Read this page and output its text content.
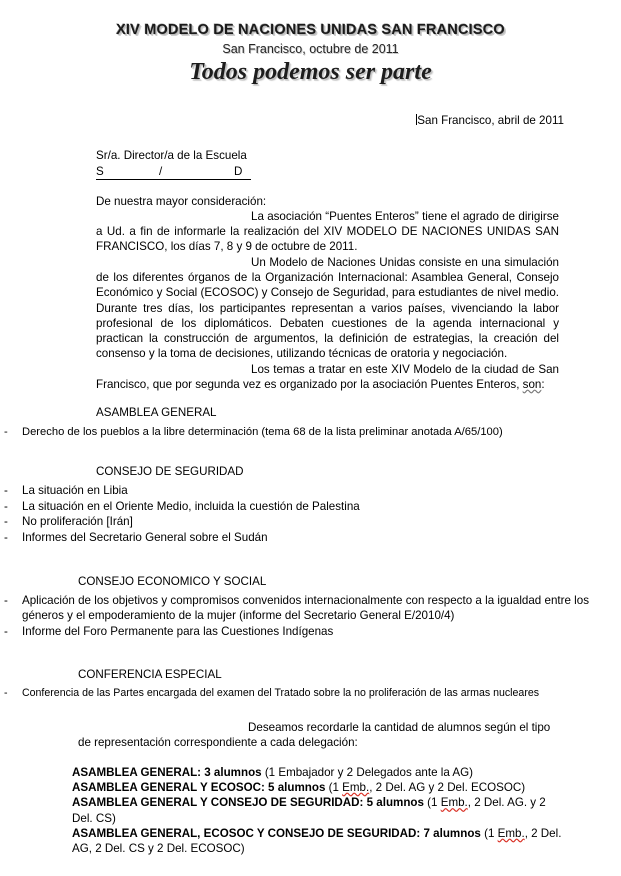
XIV MODELO DE NACIONES UNIDAS SAN FRANCISCO
San Francisco, octubre de 2011
Todos podemos ser parte
San Francisco, abril de 2011
Sr/a. Director/a de la Escuela
S	/	D
De nuestra mayor consideración:
La asociación “Puentes Enteros” tiene el agrado de dirigirse a Ud. a fin de informarle la realización del XIV MODELO DE NACIONES UNIDAS SAN FRANCISCO, los días 7, 8 y 9 de octubre de 2011.
Un Modelo de Naciones Unidas consiste en una simulación de los diferentes órganos de la Organización Internacional: Asamblea General, Consejo Económico y Social (ECOSOC) y Consejo de Seguridad, para estudiantes de nivel medio. Durante tres días, los participantes representan a varios países, vivenciando la labor profesional de los diplomáticos. Debaten cuestiones de la agenda internacional y practican la construcción de argumentos, la definición de estrategias, la creación del consenso y la toma de decisiones, utilizando técnicas de oratoria y negociación.
Los temas a tratar en este XIV Modelo de la ciudad de San Francisco, que por segunda vez es organizado por la asociación Puentes Enteros, son:
ASAMBLEA GENERAL
- Derecho de los pueblos a la libre determinación (tema 68 de la lista preliminar anotada A/65/100)
CONSEJO DE SEGURIDAD
- La situación en Libia
- La situación en el Oriente Medio, incluida la cuestión de Palestina
- No proliferación [Irán]
- Informes del Secretario General sobre el Sudán
CONSEJO ECONOMICO Y SOCIAL
- Aplicación de los objetivos y compromisos convenidos internacionalmente con respecto a la igualdad entre los géneros y el empoderamiento de la mujer (informe del Secretario General E/2010/4)
- Informe del Foro Permanente para las Cuestiones Indígenas
CONFERENCIA ESPECIAL
- Conferencia de las Partes encargada del examen del Tratado sobre la no proliferación de las armas nucleares
Deseamos recordarle la cantidad de alumnos según el tipo de representación correspondiente a cada delegación:
ASAMBLEA GENERAL: 3 alumnos (1 Embajador y 2 Delegados ante la AG)
ASAMBLEA GENERAL Y ECOSOC: 5 alumnos (1 Emb., 2 Del. AG y 2 Del. ECOSOC)
ASAMBLEA GENERAL Y CONSEJO DE SEGURIDAD: 5 alumnos (1 Emb., 2 Del. AG. y 2 Del. CS)
ASAMBLEA GENERAL, ECOSOC Y CONSEJO DE SEGURIDAD: 7 alumnos (1 Emb., 2 Del. AG, 2 Del. CS y 2 Del. ECOSOC)
